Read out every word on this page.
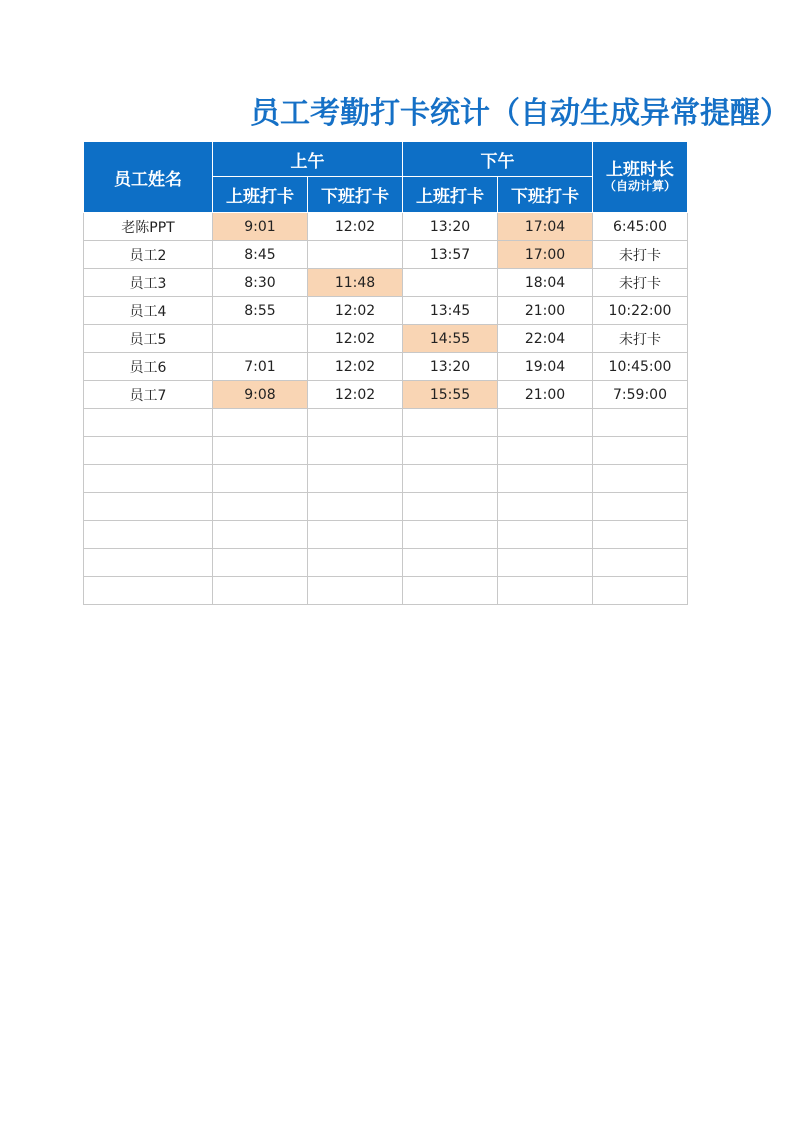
员工考勤打卡统计（自动生成异常提醒）
员工姓名	上午		下午		上班时长
（自动计算）

	上班打卡	下班打卡	上班打卡	下班打卡	
老陈PPT	9:01	12:02	13:20	17:04	6:45:00
员工2	8:45		13:57	17:00	未打卡
员工3	8:30	11:48		18:04	未打卡
员工4	8:55	12:02	13:45	21:00	10:22:00
员工5		12:02	14:55	22:04	未打卡
员工6	7:01	12:02	13:20	19:04	10:45:00
员工7	9:08	12:02	15:55	21:00	7:59:00
